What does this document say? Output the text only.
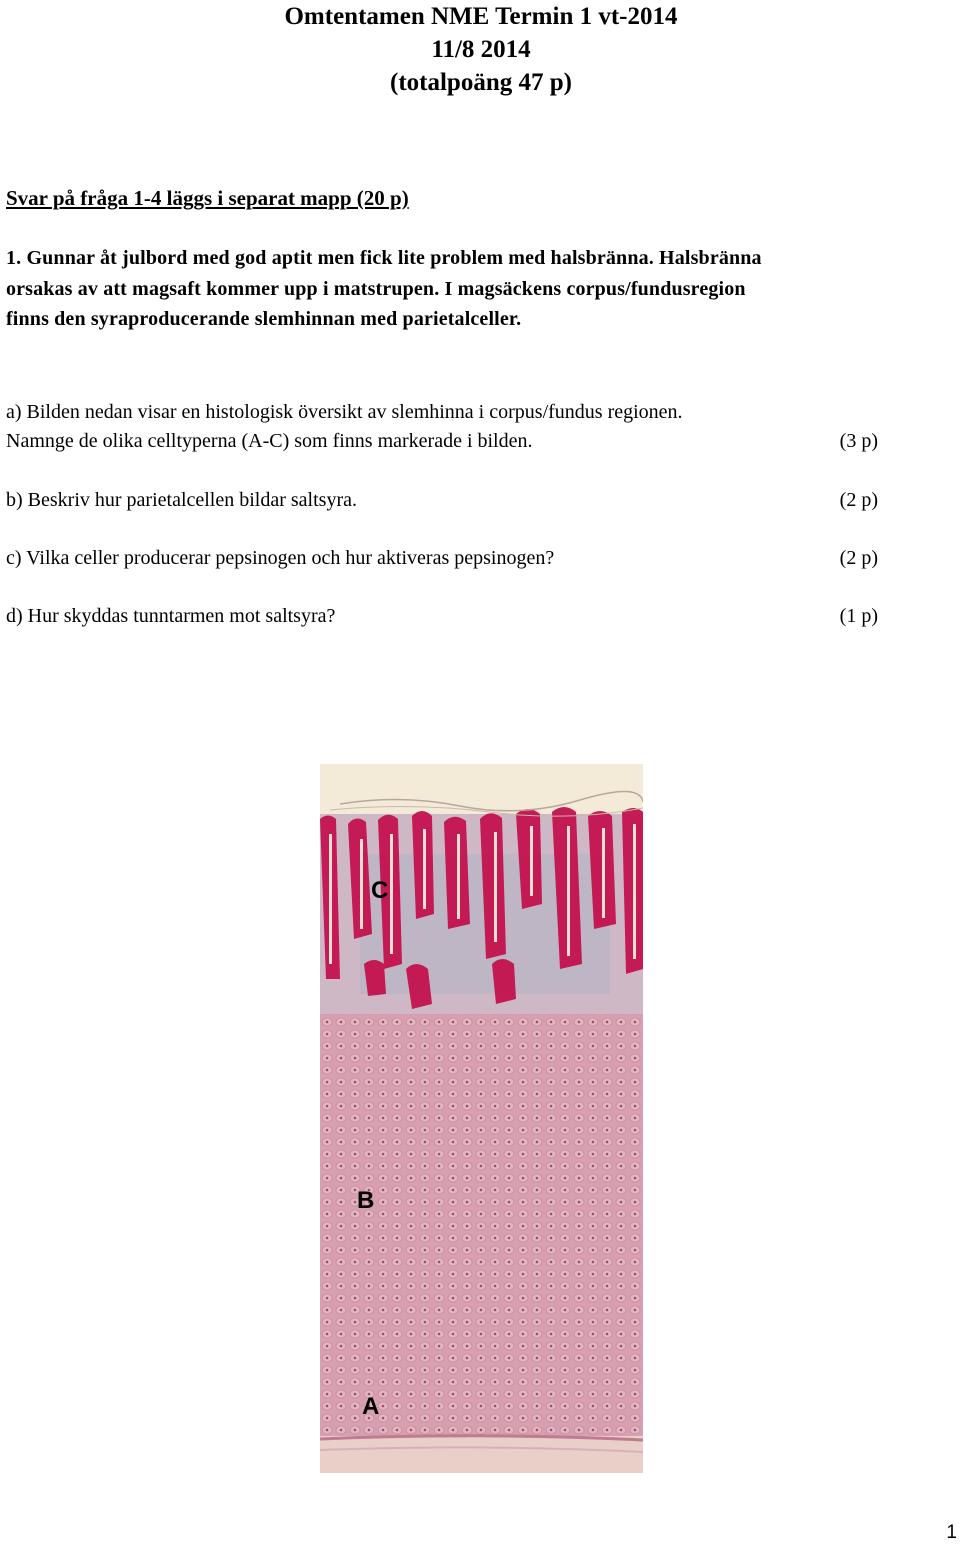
Omtentamen NME Termin 1 vt-2014
11/8 2014
(totalpoäng 47 p)
Svar på fråga 1-4 läggs i separat mapp (20 p)
1. Gunnar åt julbord med god aptit men fick lite problem med halsbränna. Halsbränna
orsakas av att magsaft kommer upp i matstrupen. I magsäckens corpus/fundusregion
finns den syraproducerande slemhinnan med parietalceller.
a) Bilden nedan visar en histologisk översikt av slemhinna i corpus/fundus regionen.
Namnge de olika celltyperna (A-C) som finns markerade i bilden.	(3 p)
b) Beskriv hur parietalcellen bildar saltsyra.	(2 p)
c) Vilka celler producerar pepsinogen och hur aktiveras pepsinogen?	(2 p)
d) Hur skyddas tunntarmen mot saltsyra?	(1 p)
C
B
A
1
